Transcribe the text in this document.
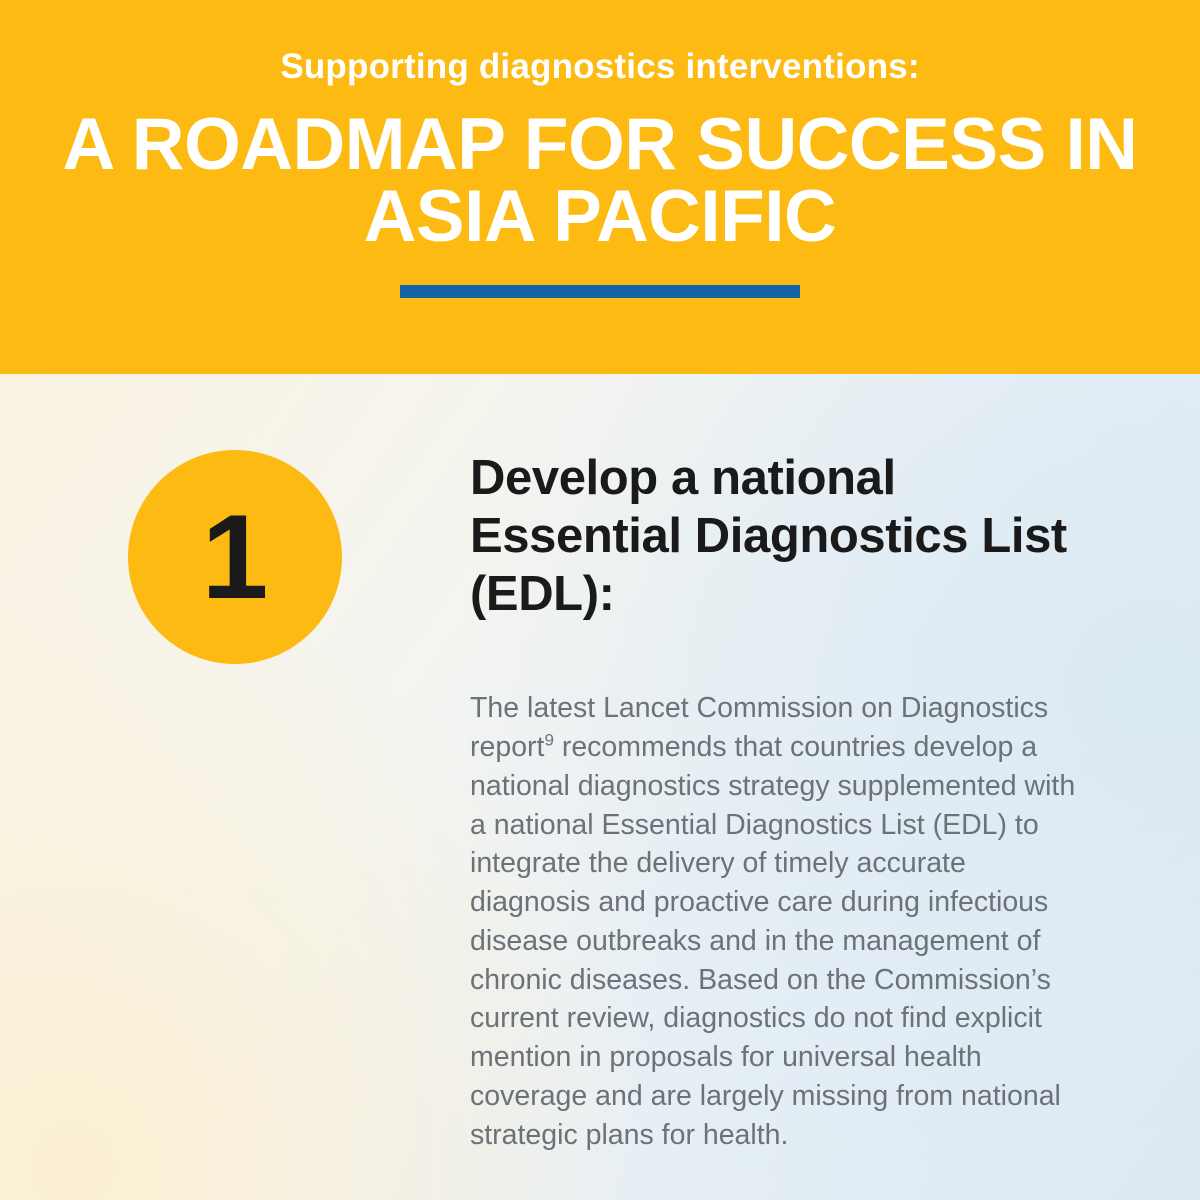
Supporting diagnostics interventions:
A ROADMAP FOR SUCCESS IN ASIA PACIFIC
1
Develop a national Essential Diagnostics List (EDL):

The latest Lancet Commission on Diagnostics report$^9$ recommends that countries develop a national diagnostics strategy supplemented with a national Essential Diagnostics List (EDL) to integrate the delivery of timely accurate diagnosis and proactive care during infectious disease outbreaks and in the management of chronic diseases. Based on the Commission’s current review, diagnostics do not find explicit mention in proposals for universal health coverage and are largely missing from national strategic plans for health.
